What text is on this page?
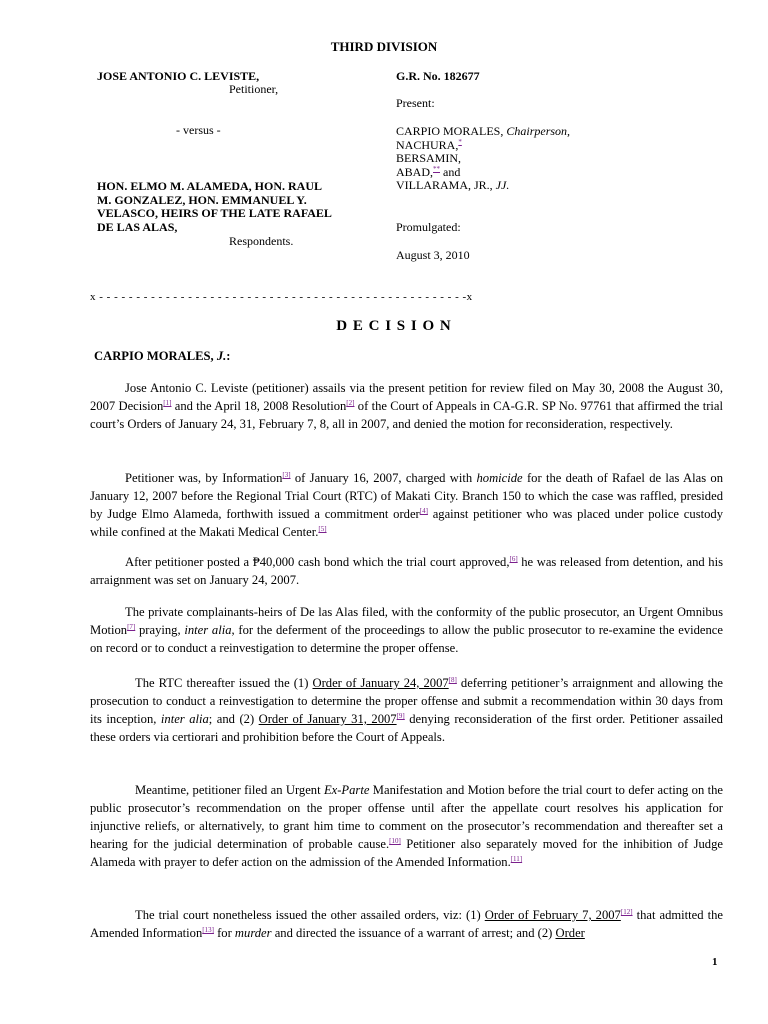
THIRD DIVISION
JOSE ANTONIO C. LEVISTE,
Petitioner,
- versus -
HON. ELMO M. ALAMEDA, HON. RAUL
M. GONZALEZ, HON. EMMANUEL Y.
VELASCO, HEIRS OF THE LATE RAFAEL
DE LAS ALAS,
Respondents.
G.R. No. 182677
Present:
CARPIO MORALES, Chairperson,
NACHURA,*
BERSAMIN,
ABAD,** and
VILLARAMA, JR., JJ.
Promulgated:
August 3, 2010
x - - - - - - - - - - - - - - - - - - - - - - - - - - - - - - - - - - - - - - - - - - - - - - - - - -x
D E C I S I O N
CARPIO MORALES, J.:
Jose Antonio C. Leviste (petitioner) assails via the present petition for review filed on May 30, 2008 the August 30, 2007 Decision[1] and the April 18, 2008 Resolution[2] of the Court of Appeals in CA-G.R. SP No. 97761 that affirmed the trial court’s Orders of January 24, 31, February 7, 8, all in 2007, and denied the motion for reconsideration, respectively.
Petitioner was, by Information[3] of January 16, 2007, charged with homicide for the death of Rafael de las Alas on January 12, 2007 before the Regional Trial Court (RTC) of Makati City. Branch 150 to which the case was raffled, presided by Judge Elmo Alameda, forthwith issued a commitment order[4] against petitioner who was placed under police custody while confined at the Makati Medical Center.[5]
After petitioner posted a ₱40,000 cash bond which the trial court approved,[6] he was released from detention, and his arraignment was set on January 24, 2007.
The private complainants-heirs of De las Alas filed, with the conformity of the public prosecutor, an Urgent Omnibus Motion[7] praying, inter alia, for the deferment of the proceedings to allow the public prosecutor to re-examine the evidence on record or to conduct a reinvestigation to determine the proper offense.
The RTC thereafter issued the (1) Order of January 24, 2007[8] deferring petitioner’s arraignment and allowing the prosecution to conduct a reinvestigation to determine the proper offense and submit a recommendation within 30 days from its inception, inter alia; and (2) Order of January 31, 2007[9] denying reconsideration of the first order. Petitioner assailed these orders via certiorari and prohibition before the Court of Appeals.
Meantime, petitioner filed an Urgent Ex-Parte Manifestation and Motion before the trial court to defer acting on the public prosecutor’s recommendation on the proper offense until after the appellate court resolves his application for injunctive reliefs, or alternatively, to grant him time to comment on the prosecutor’s recommendation and thereafter set a hearing for the judicial determination of probable cause.[10] Petitioner also separately moved for the inhibition of Judge Alameda with prayer to defer action on the admission of the Amended Information.[11]
The trial court nonetheless issued the other assailed orders, viz: (1) Order of February 7, 2007[12] that admitted the Amended Information[13] for murder and directed the issuance of a warrant of arrest; and (2) Order
1
